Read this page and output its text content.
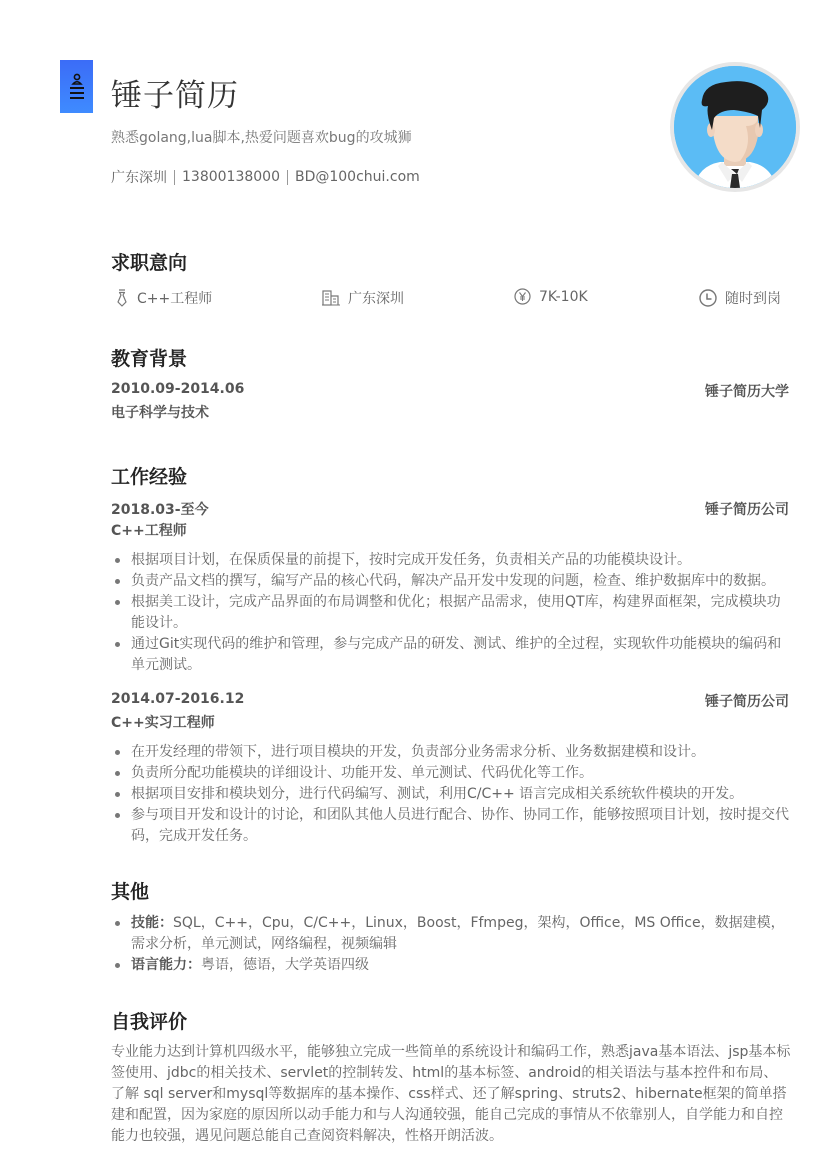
锤子简历
熟悉golang,lua脚本,热爱问题喜欢bug的攻城狮
广东深圳 13800138000 BD@100chui.com
求职意向
C++工程师	广东深圳	7K-10K	随时到岗
教育背景
2010.09-2014.06	锤子简历大学
电子科学与技术
工作经验
2018.03-至今	锤子简历公司
C++工程师
根据项目计划，在保质保量的前提下，按时完成开发任务，负责相关产品的功能模块设计。
负责产品文档的撰写，编写产品的核心代码，解决产品开发中发现的问题，检查、维护数据库中的数据。
根据美工设计，完成产品界面的布局调整和优化；根据产品需求，使用QT库，构建界面框架，完成模块功能设计。
通过Git实现代码的维护和管理，参与完成产品的研发、测试、维护的全过程，实现软件功能模块的编码和单元测试。
2014.07-2016.12	锤子简历公司
C++实习工程师
在开发经理的带领下，进行项目模块的开发，负责部分业务需求分析、业务数据建模和设计。
负责所分配功能模块的详细设计、功能开发、单元测试、代码优化等工作。
根据项目安排和模块划分，进行代码编写、测试，利用C/C++ 语言完成相关系统软件模块的开发。
参与项目开发和设计的讨论，和团队其他人员进行配合、协作、协同工作，能够按照项目计划，按时提交代码，完成开发任务。
其他
技能：SQL，C++，Cpu，C/C++，Linux，Boost，Ffmpeg，架构，Office，MS Office，数据建模，需求分析，单元测试，网络编程，视频编辑
语言能力：粤语，德语，大学英语四级
自我评价
专业能力达到计算机四级水平，能够独立完成一些简单的系统设计和编码工作，熟悉java基本语法、jsp基本标签使用、jdbc的相关技术、servlet的控制转发、html的基本标签、android的相关语法与基本控件和布局、了解 sql server和mysql等数据库的基本操作、css样式、还了解spring、struts2、hibernate框架的简单搭建和配置，因为家庭的原因所以动手能力和与人沟通较强，能自己完成的事情从不依靠别人，自学能力和自控能力也较强，遇见问题总能自己查阅资料解决，性格开朗活波。
